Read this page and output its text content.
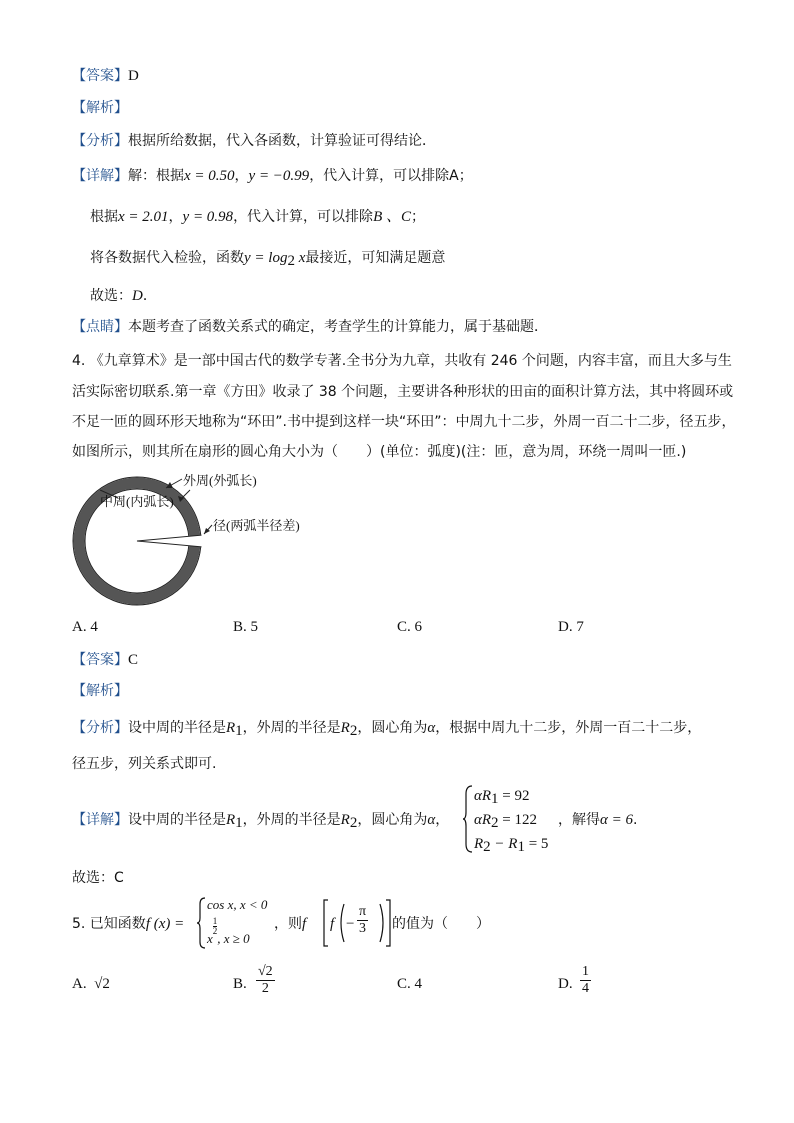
【答案】D
【解析】
【分析】根据所给数据，代入各函数，计算验证可得结论．
【详解】解：根据x = 0.50，y = −0.99，代入计算，可以排除A；
根据x = 2.01，y = 0.98，代入计算，可以排除B 、C；
将各数据代入检验，函数$y = \log_2 x$最接近，可知满足题意
故选：D．
【点睛】本题考查了函数关系式的确定，考查学生的计算能力，属于基础题．
4. 《九章算术》是一部中国古代的数学专著.全书分为九章，共收有 246 个问题，内容丰富，而且大多与生
活实际密切联系.第一章《方田》收录了 38 个问题，主要讲各种形状的田亩的面积计算方法，其中将圆环或
不足一匝的圆环形天地称为“环田”.书中提到这样一块“环田”：中周九十二步，外周一百二十二步，径五步，
如图所示，则其所在扇形的圆心角大小为（　　）(单位：弧度)(注：匝，意为周，环绕一周叫一匝.)
外周(外弧长)
中周(内弧长)
径(两弧半径差)
A. 4	B. 5	C. 6	D. 7
【答案】C
【解析】
【分析】设中周的半径是$R_1$，外周的半径是$R_2$，圆心角为α，根据中周九十二步，外周一百二十二步，
径五步，列关系式即可.
【详解】设中周的半径是$R_1$，外周的半径是$R_2$，圆心角为α，
$\alpha R_1 = 92$
$\alpha R_2 = 122$
$R_2 - R_1 = 5$
，解得α = 6.
故选：C
5. 已知函数f (x) =
cos x, x < 0
x
$\frac{1}{2}$
, x ≥ 0
，则f $f - \frac{\pi}{3}$ 的值为（　　）
A. √2	B. $\frac{√2}{2}$	C. 4	D. $\frac{1}{4}$
